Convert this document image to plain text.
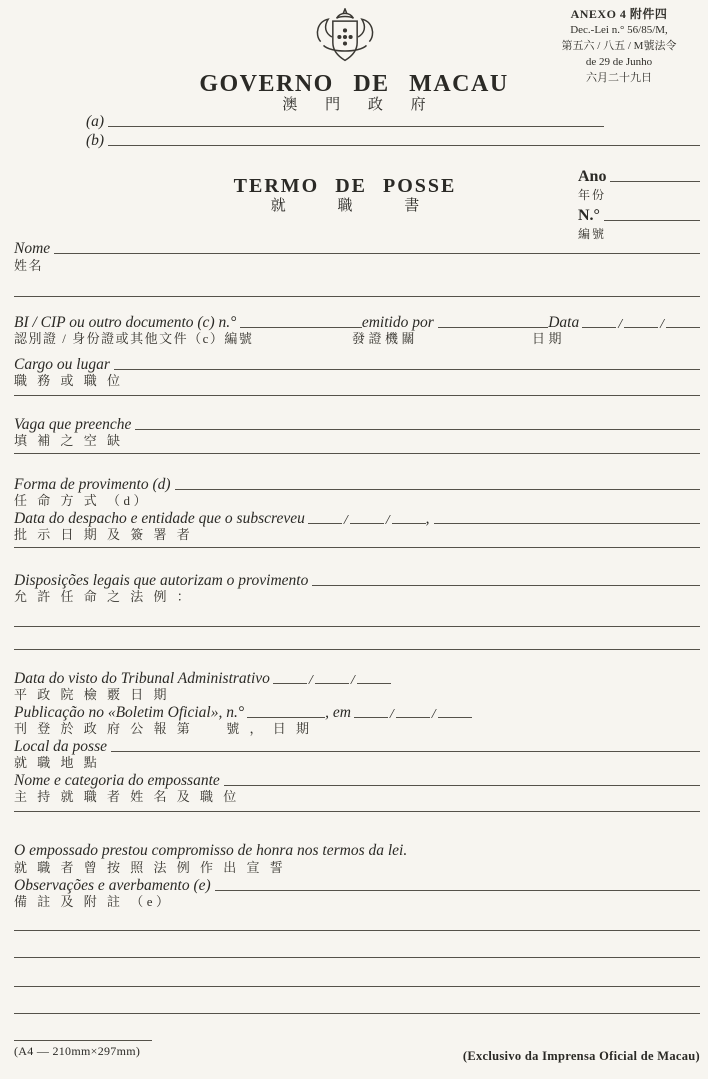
ANEXO 4 附件四
Dec.-Lei n.° 56/85/M,
第五六 / 八五 / M號法令
de 29 de Junho
六月二十九日
GOVERNO DE MACAU
澳 門 政 府
(a)
(b)
TERMO DE POSSE
就 職 書
Ano
年份
N.°
編號
Nome
姓名
BI / CIP ou outro documento (c) n.°	emitido por	Data	/	/
認別證 / 身份證或其他文件（c）編號	發證機關	日期
Cargo ou lugar
職 務 或 職 位
Vaga que preenche
填 補 之 空 缺
Forma de provimento (d)
任 命 方 式 （d）
Data do despacho e entidade que o subscreveu	/	/ ,
批 示 日 期 及 簽 署 者
Disposições legais que autorizam o provimento
允 許 任 命 之 法 例 ：
Data do visto do Tribunal Administrativo	/	/
平 政 院 檢 覈 日 期
Publicação no «Boletim Oficial», n.°	, em	/	/
刊 登 於 政 府 公 報 第　　號 ， 日 期
Local da posse
就 職 地 點
Nome e categoria do empossante
主 持 就 職 者 姓 名 及 職 位
O empossado prestou compromisso de honra nos termos da lei.
就 職 者 曾 按 照 法 例 作 出 宣 誓
Observações e averbamento (e)
備 註 及 附 註 （e）
(A4 — 210mm×297mm)	(Exclusivo da Imprensa Oficial de Macau)
